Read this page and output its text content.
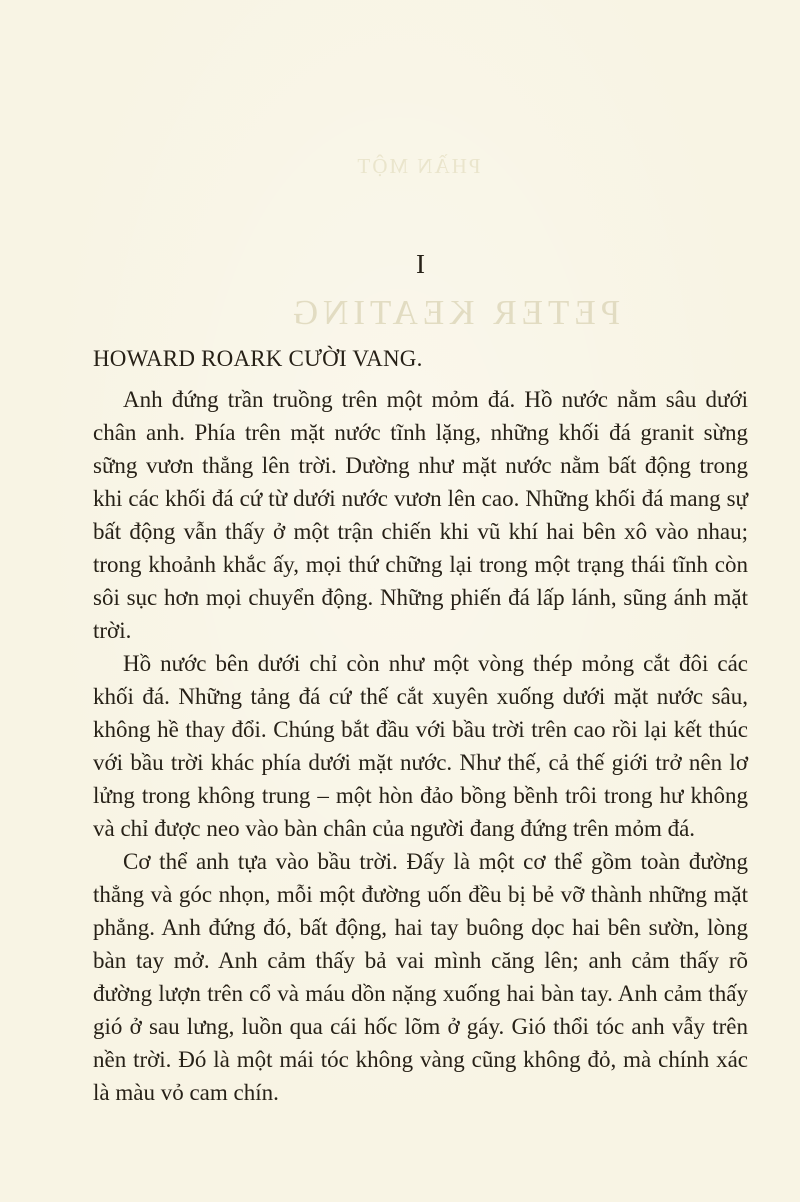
PHẦN MỘT
I
PETER KEATING

HOWARD ROARK CƯỜI VANG.

Anh đứng trần truồng trên một mỏm đá. Hồ nước nằm sâu dưới chân anh. Phía trên mặt nước tĩnh lặng, những khối đá granit sừng sững vươn thẳng lên trời. Dường như mặt nước nằm bất động trong khi các khối đá cứ từ dưới nước vươn lên cao. Những khối đá mang sự bất động vẫn thấy ở một trận chiến khi vũ khí hai bên xô vào nhau; trong khoảnh khắc ấy, mọi thứ chững lại trong một trạng thái tĩnh còn sôi sục hơn mọi chuyển động. Những phiến đá lấp lánh, sũng ánh mặt trời.

Hồ nước bên dưới chỉ còn như một vòng thép mỏng cắt đôi các khối đá. Những tảng đá cứ thế cắt xuyên xuống dưới mặt nước sâu, không hề thay đổi. Chúng bắt đầu với bầu trời trên cao rồi lại kết thúc với bầu trời khác phía dưới mặt nước. Như thế, cả thế giới trở nên lơ lửng trong không trung – một hòn đảo bồng bềnh trôi trong hư không và chỉ được neo vào bàn chân của người đang đứng trên mỏm đá.

Cơ thể anh tựa vào bầu trời. Đấy là một cơ thể gồm toàn đường thẳng và góc nhọn, mỗi một đường uốn đều bị bẻ vỡ thành những mặt phẳng. Anh đứng đó, bất động, hai tay buông dọc hai bên sườn, lòng bàn tay mở. Anh cảm thấy bả vai mình căng lên; anh cảm thấy rõ đường lượn trên cổ và máu dồn nặng xuống hai bàn tay. Anh cảm thấy gió ở sau lưng, luồn qua cái hốc lõm ở gáy. Gió thổi tóc anh vẫy trên nền trời. Đó là một mái tóc không vàng cũng không đỏ, mà chính xác là màu vỏ cam chín.
